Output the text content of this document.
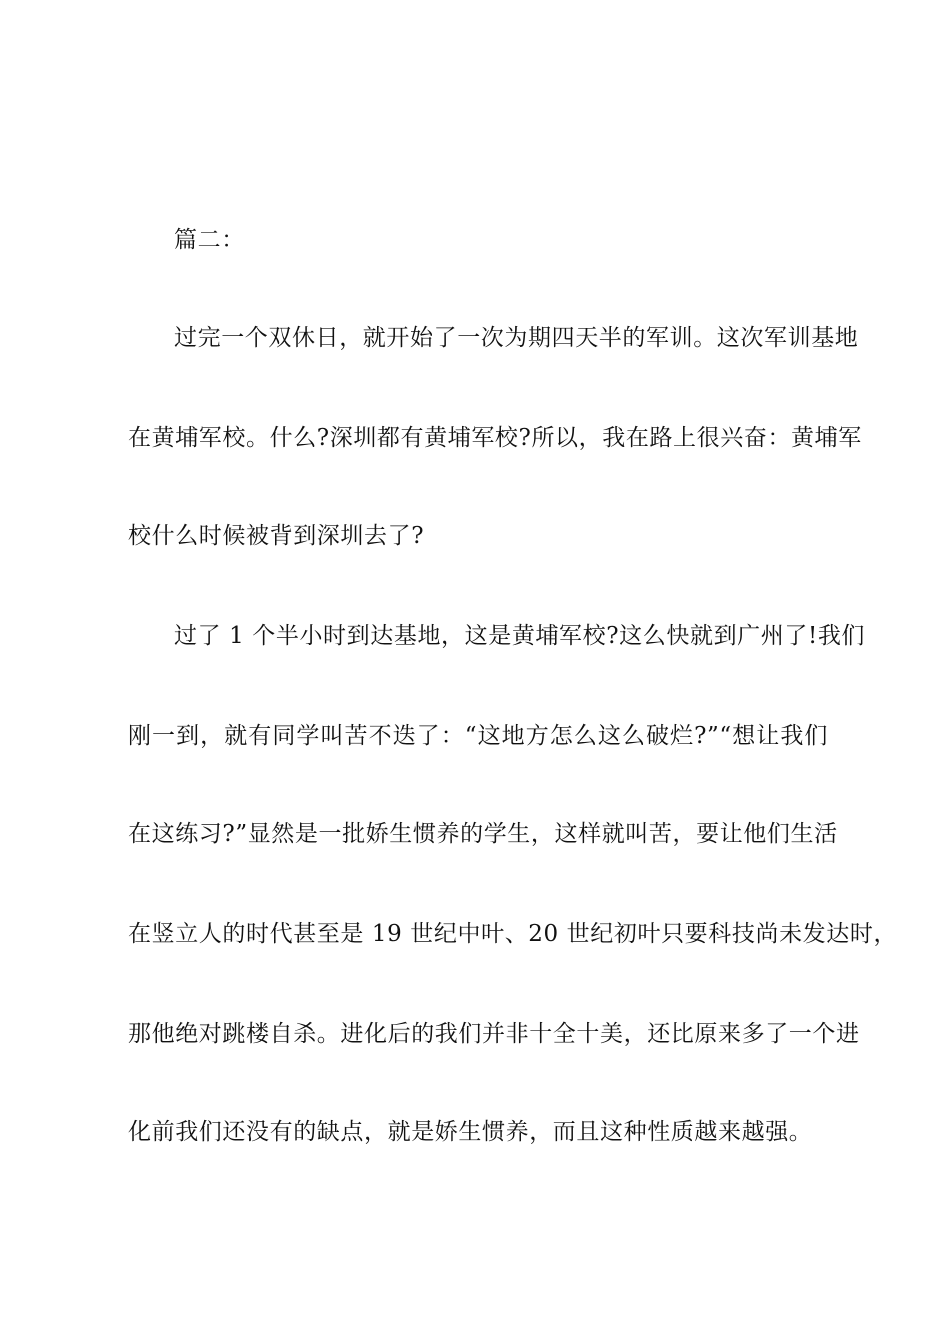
篇二：
过完一个双休日，就开始了一次为期四天半的军训。这次军训基地
在黄埔军校。什么?深圳都有黄埔军校?所以，我在路上很兴奋：黄埔军
校什么时候被背到深圳去了?
过了 1 个半小时到达基地，这是黄埔军校?这么快就到广州了!我们
刚一到，就有同学叫苦不迭了：“这地方怎么这么破烂?”“想让我们
在这练习?”显然是一批娇生惯养的学生，这样就叫苦，要让他们生活
在竖立人的时代甚至是 19 世纪中叶、20 世纪初叶只要科技尚未发达时，
那他绝对跳楼自杀。进化后的我们并非十全十美，还比原来多了一个进
化前我们还没有的缺点，就是娇生惯养，而且这种性质越来越强。
